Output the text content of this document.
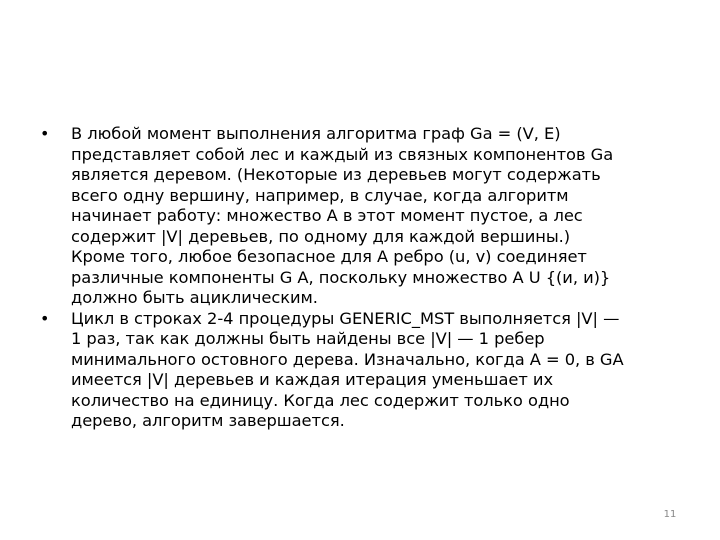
• В любой момент выполнения алгоритма граф Ga = (V, E)
представляет собой лес и каждый из связных компонентов Ga
является деревом. (Некоторые из деревьев могут содержать
всего одну вершину, например, в случае, когда алгоритм
начинает работу: множество A в этот момент пустое, а лес
содержит |V| деревьев, по одному для каждой вершины.)
Кроме того, любое безопасное для A ребро (u, v) соединяет
различные компоненты G A, поскольку множество A U {(и, и)}
должно быть ациклическим.
• Цикл в строках 2-4 процедуры GENERIC_MST выполняется |V| —
1 раз, так как должны быть найдены все |V| — 1 ребер
минимального остовного дерева. Изначально, когда A = 0, в GA
имеется |V| деревьев и каждая итерация уменьшает их
количество на единицу. Когда лес содержит только одно
дерево, алгоритм завершается.
11
